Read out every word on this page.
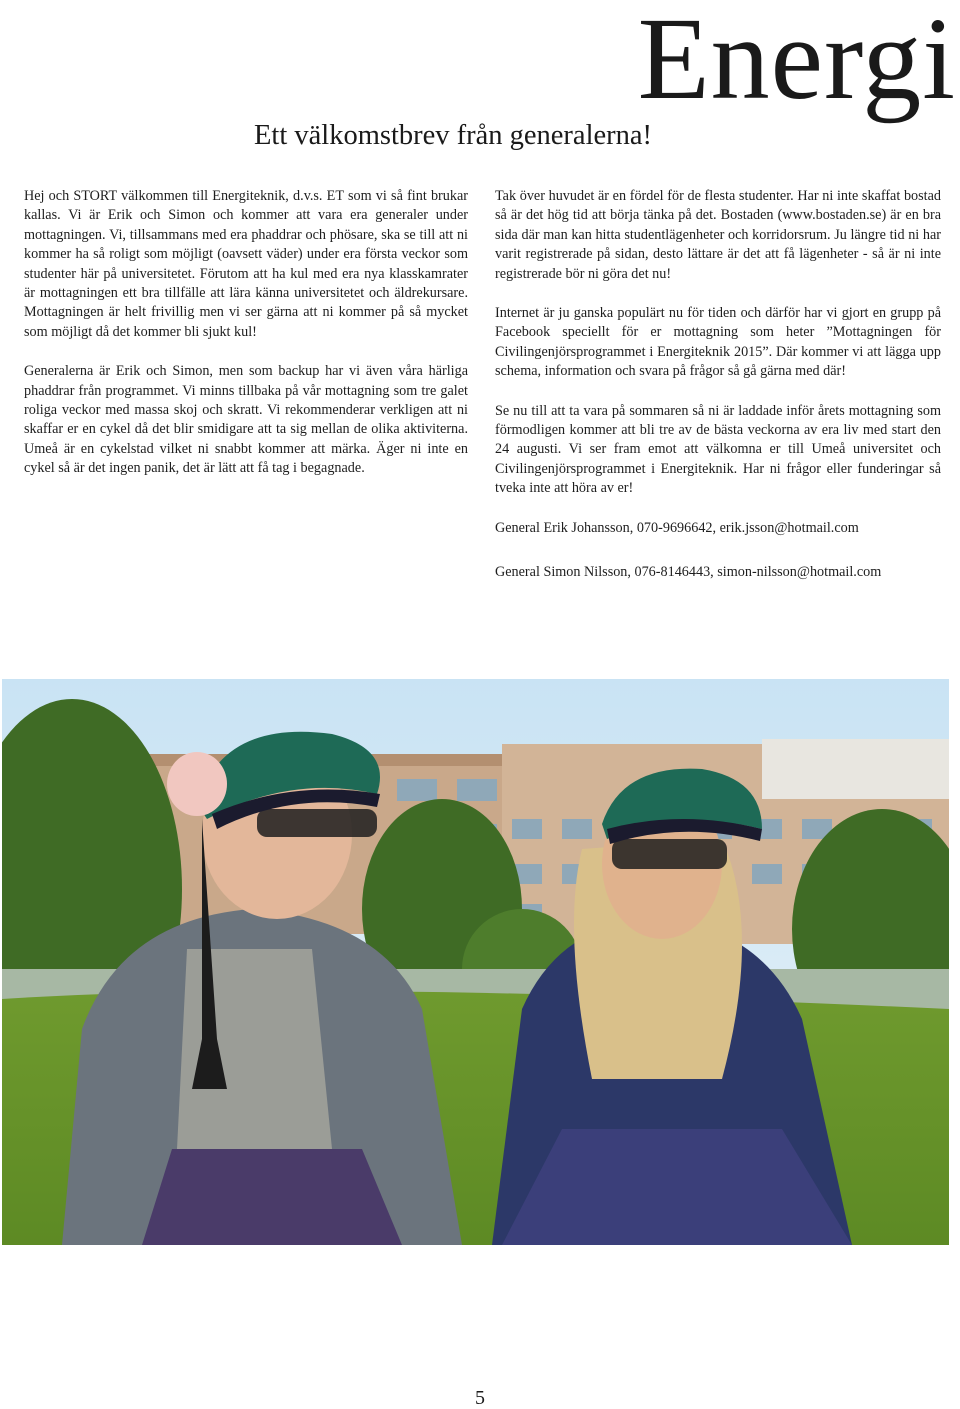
Energi
Ett välkomstbrev från generalerna!

Hej och STORT välkommen till Energiteknik, d.v.s. ET som vi så fint brukar kallas. Vi är Erik och Simon och kommer att vara era generaler under mottagningen. Vi, tillsammans med era phaddrar och phösare, ska se till att ni kommer ha så roligt som möjligt (oavsett väder) under era första veckor som studenter här på universitetet. Förutom att ha kul med era nya klasskamrater är mottagningen ett bra tillfälle att lära känna universitetet och äldrekursare. Mottagningen är helt frivillig men vi ser gärna att ni kommer på så mycket som möjligt då det kommer bli sjukt kul!

Generalerna är Erik och Simon, men som backup har vi även våra härliga phaddrar från programmet. Vi minns tillbaka på vår mottagning som tre galet roliga veckor med massa skoj och skratt. Vi rekommenderar verkligen att ni skaffar er en cykel då det blir smidigare att ta sig mellan de olika aktiviterna. Umeå är en cykelstad vilket ni snabbt kommer att märka. Äger ni inte en cykel så är det ingen panik, det är lätt att få tag i begagnade.

Tak över huvudet är en fördel för de flesta studenter. Har ni inte skaffat bostad så är det hög tid att börja tänka på det. Bostaden (www.bostaden.se) är en bra sida där man kan hitta studentlägenheter och korridorsrum. Ju längre tid ni har varit registrerade på sidan, desto lättare är det att få lägenheter - så är ni inte registrerade bör ni göra det nu!

Internet är ju ganska populärt nu för tiden och därför har vi gjort en grupp på Facebook speciellt för er mottagning som heter ”Mottagningen för Civilingenjörsprogrammet i Energiteknik 2015”. Där kommer vi att lägga upp schema, information och svara på frågor så gå gärna med där!

Se nu till att ta vara på sommaren så ni är laddade inför årets mottagning som förmodligen kommer att bli tre av de bästa veckorna av era liv med start den 24 augusti. Vi ser fram emot att välkomna er till Umeå universitet och Civilingenjörsprogrammet i Energiteknik. Har ni frågor eller funderingar så tveka inte att höra av er!

General Erik Johansson, 070-9696642, erik.jsson@hotmail.com

General Simon Nilsson, 076-8146443, simon-nilsson@hotmail.com

5
